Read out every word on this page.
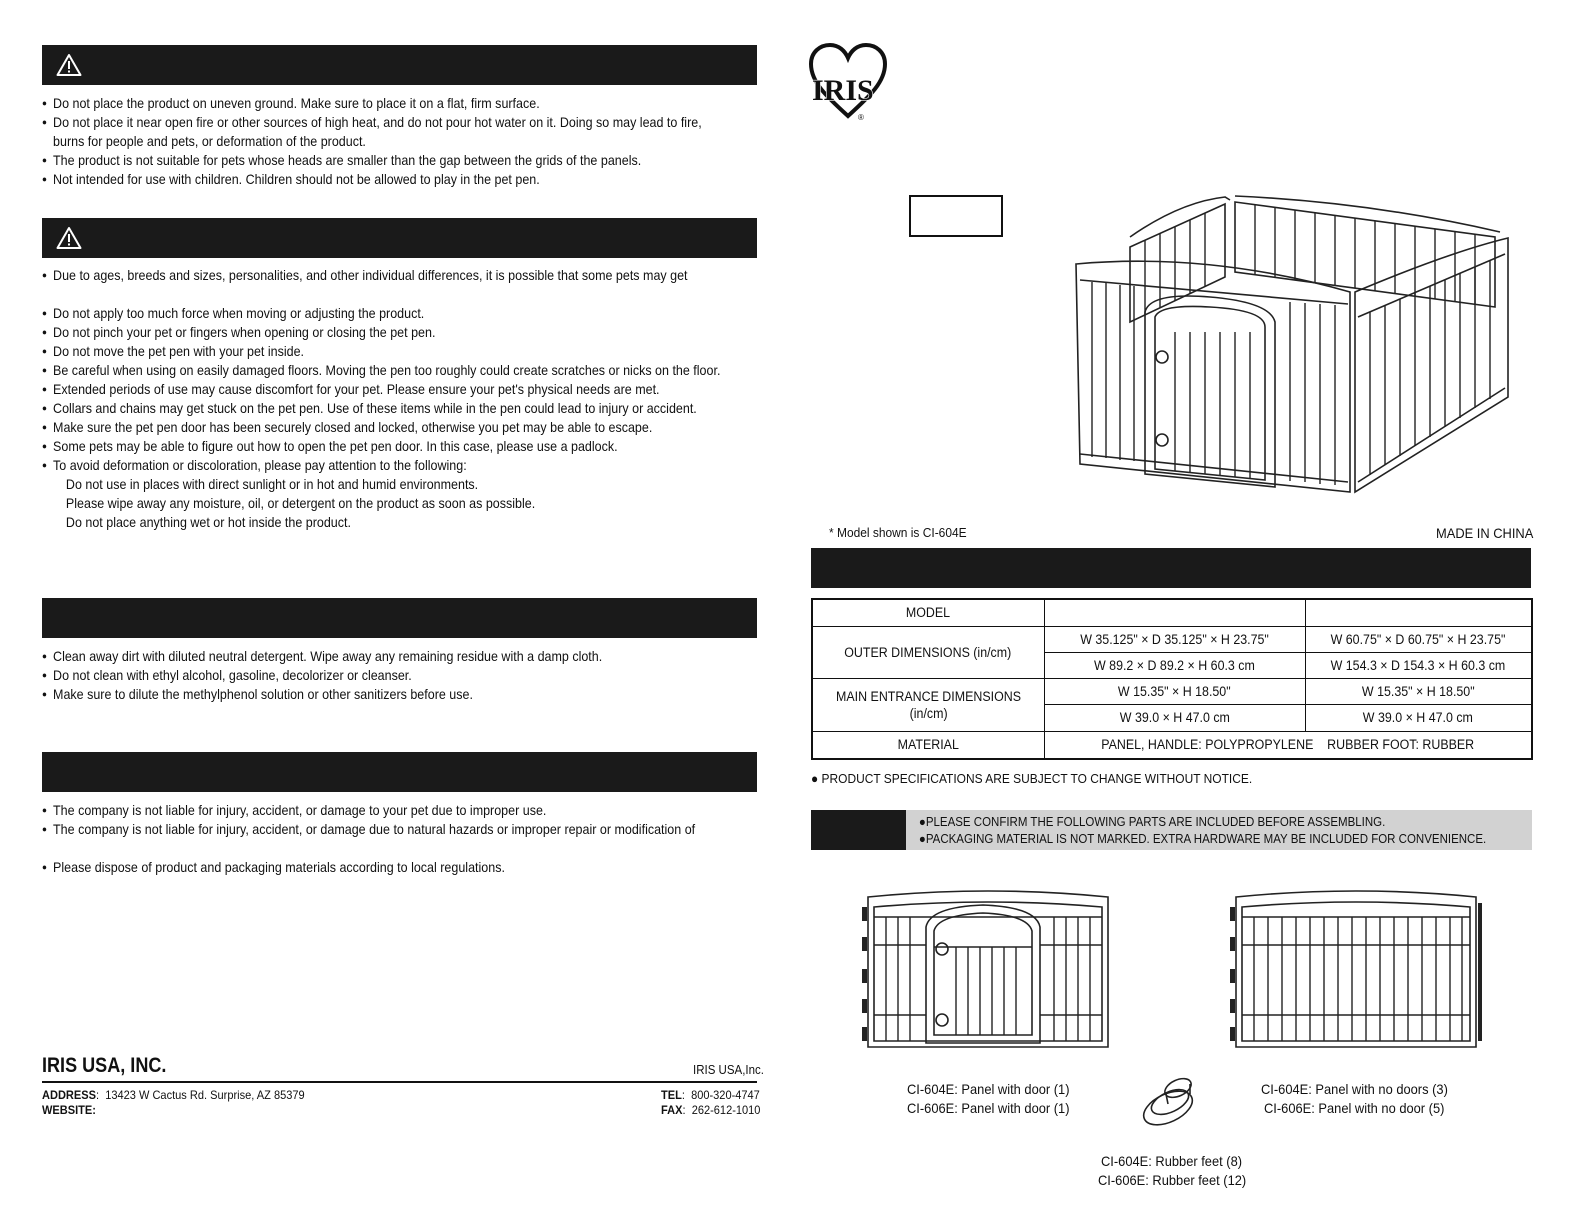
● Do not place the product on uneven ground. Make sure to place it on a flat, firm surface.
● Do not place it near open fire or other sources of high heat, and do not pour hot water on it. Doing so may lead to fire,
burns for people and pets, or deformation of the product.
● The product is not suitable for pets whose heads are smaller than the gap between the grids of the panels.
● Not intended for use with children. Children should not be allowed to play in the pet pen.
● Due to ages, breeds and sizes, personalities, and other individual differences, it is possible that some pets may get
● Do not apply too much force when moving or adjusting the product.
● Do not pinch your pet or fingers when opening or closing the pet pen.
● Do not move the pet pen with your pet inside.
● Be careful when using on easily damaged floors. Moving the pen too roughly could create scratches or nicks on the floor.
● Extended periods of use may cause discomfort for your pet. Please ensure your pet's physical needs are met.
● Collars and chains may get stuck on the pet pen. Use of these items while in the pen could lead to injury or accident.
● Make sure the pet pen door has been securely closed and locked, otherwise you pet may be able to escape.
● Some pets may be able to figure out how to open the pet pen door. In this case, please use a padlock.
● To avoid deformation or discoloration, please pay attention to the following:
Do not use in places with direct sunlight or in hot and humid environments.
Please wipe away any moisture, oil, or detergent on the product as soon as possible.
Do not place anything wet or hot inside the product.
● Clean away dirt with diluted neutral detergent. Wipe away any remaining residue with a damp cloth.
● Do not clean with ethyl alcohol, gasoline, decolorizer or cleanser.
● Make sure to dilute the methylphenol solution or other sanitizers before use.
● The company is not liable for injury, accident, or damage to your pet due to improper use.
● The company is not liable for injury, accident, or damage due to natural hazards or improper repair or modification of
● Please dispose of product and packaging materials according to local regulations.
IRIS USA, INC.	IRIS USA,Inc.
ADDRESS:  13423 W Cactus Rd. Surprise, AZ 85379
WEBSITE:
TEL:  800-320-4747
FAX:  262-612-1010
IRIS
®
* Model shown is CI-604E	MADE IN CHINA
MODEL		
OUTER DIMENSIONS (in/cm)	W 35.125" × D 35.125" × H 23.75"	W 60.75" × D 60.75" × H 23.75"
	W 89.2 × D 89.2 × H 60.3 cm	W 154.3 × D 154.3 × H 60.3 cm
MAIN ENTRANCE DIMENSIONS
(in/cm)	W 15.35" × H 18.50"	W 15.35" × H 18.50"
	W 39.0 × H 47.0 cm	W 39.0 × H 47.0 cm
MATERIAL	PANEL, HANDLE: POLYPROPYLENE    RUBBER FOOT: RUBBER	
● PRODUCT SPECIFICATIONS ARE SUBJECT TO CHANGE WITHOUT NOTICE.
●PLEASE CONFIRM THE FOLLOWING PARTS ARE INCLUDED BEFORE ASSEMBLING.
●PACKAGING MATERIAL IS NOT MARKED. EXTRA HARDWARE MAY BE INCLUDED FOR CONVENIENCE.
CI-604E: Panel with door (1)
CI-606E: Panel with door (1)
CI-604E: Panel with no doors (3)
CI-606E: Panel with no door (5)
CI-604E: Rubber feet (8)
CI-606E: Rubber feet (12)
